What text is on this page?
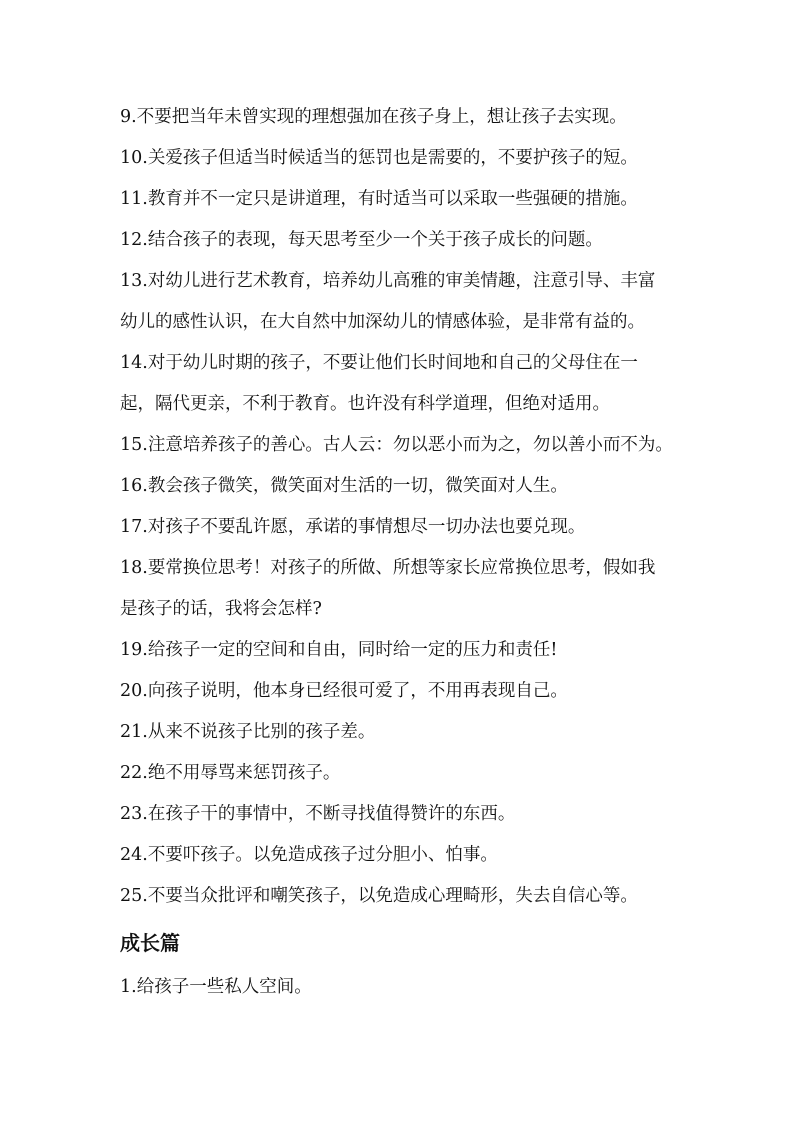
9.不要把当年未曾实现的理想强加在孩子身上，想让孩子去实现。

10.关爱孩子但适当时候适当的惩罚也是需要的，不要护孩子的短。

11.教育并不一定只是讲道理，有时适当可以采取一些强硬的措施。

12.结合孩子的表现，每天思考至少一个关于孩子成长的问题。

13.对幼儿进行艺术教育，培养幼儿高雅的审美情趣，注意引导、丰富

幼儿的感性认识，在大自然中加深幼儿的情感体验，是非常有益的。

14.对于幼儿时期的孩子，不要让他们长时间地和自己的父母住在一

起，隔代更亲，不利于教育。也许没有科学道理，但绝对适用。

15.注意培养孩子的善心。古人云：勿以恶小而为之，勿以善小而不为。

16.教会孩子微笑，微笑面对生活的一切，微笑面对人生。

17.对孩子不要乱许愿，承诺的事情想尽一切办法也要兑现。

18.要常换位思考！对孩子的所做、所想等家长应常换位思考，假如我

是孩子的话，我将会怎样?

19.给孩子一定的空间和自由，同时给一定的压力和责任!

20.向孩子说明，他本身已经很可爱了，不用再表现自己。

21.从来不说孩子比别的孩子差。

22.绝不用辱骂来惩罚孩子。

23.在孩子干的事情中，不断寻找值得赞许的东西。

24.不要吓孩子。以免造成孩子过分胆小、怕事。

25.不要当众批评和嘲笑孩子，以免造成心理畸形，失去自信心等。

成长篇

1.给孩子一些私人空间。
